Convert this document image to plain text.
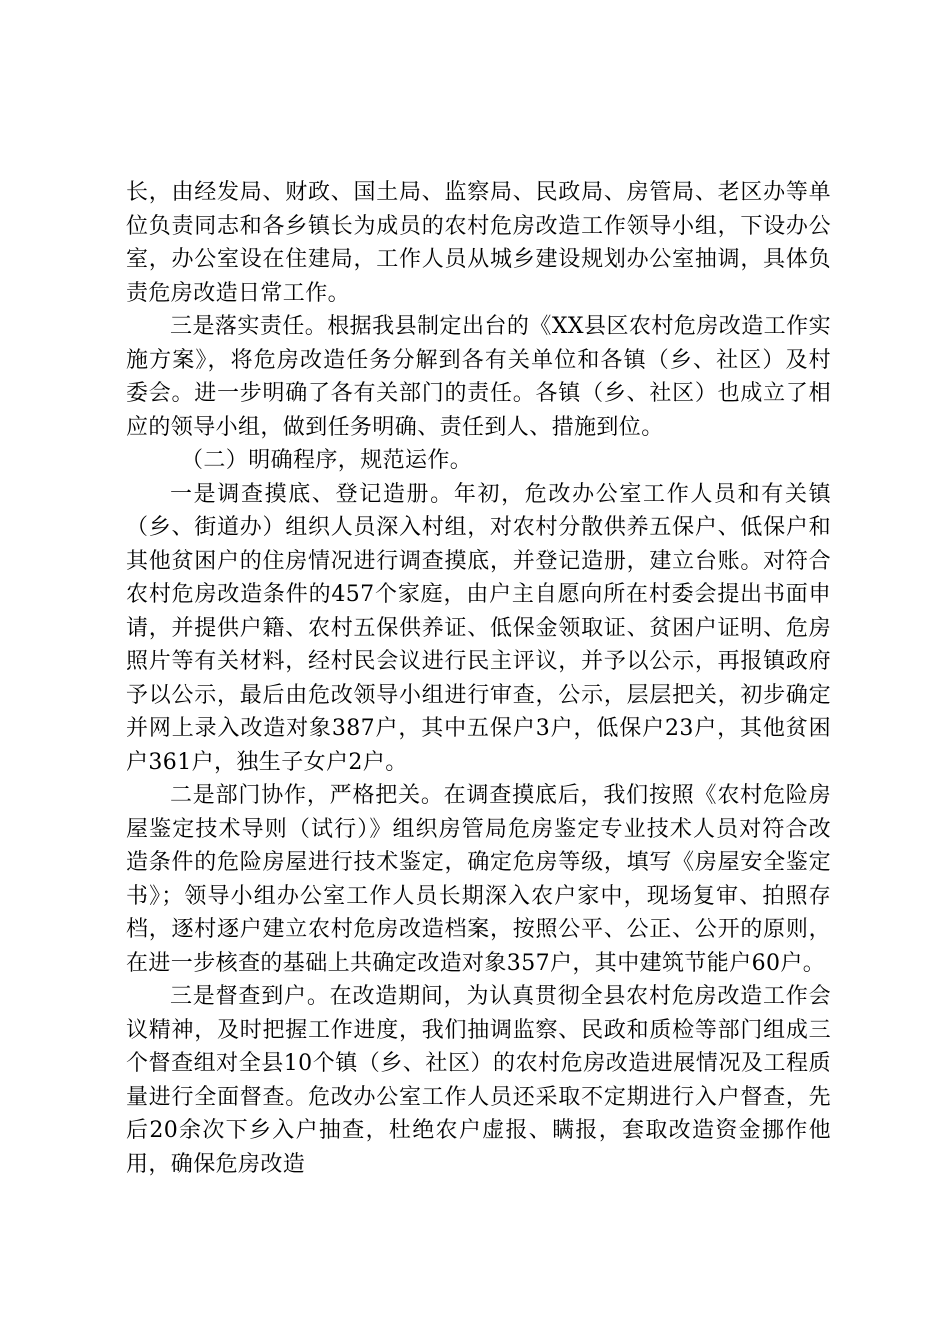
长，由经发局、财政、国土局、监察局、民政局、房管局、老区办等单位负责同志和各乡镇长为成员的农村危房改造工作领导小组，下设办公室，办公室设在住建局，工作人员从城乡建设规划办公室抽调，具体负责危房改造日常工作。

三是落实责任。根据我县制定出台的《XX县区农村危房改造工作实施方案》，将危房改造任务分解到各有关单位和各镇（乡、社区）及村委会。进一步明确了各有关部门的责任。各镇（乡、社区）也成立了相应的领导小组，做到任务明确、责任到人、措施到位。

（二）明确程序，规范运作。

一是调查摸底、登记造册。年初，危改办公室工作人员和有关镇（乡、街道办）组织人员深入村组，对农村分散供养五保户、低保户和其他贫困户的住房情况进行调查摸底，并登记造册，建立台账。对符合农村危房改造条件的457个家庭，由户主自愿向所在村委会提出书面申请，并提供户籍、农村五保供养证、低保金领取证、贫困户证明、危房照片等有关材料，经村民会议进行民主评议，并予以公示，再报镇政府予以公示，最后由危改领导小组进行审查，公示，层层把关，初步确定并网上录入改造对象387户，其中五保户3户，低保户23户，其他贫困户361户，独生子女户2户。

二是部门协作，严格把关。在调查摸底后，我们按照《农村危险房屋鉴定技术导则（试行）》组织房管局危房鉴定专业技术人员对符合改造条件的危险房屋进行技术鉴定，确定危房等级，填写《房屋安全鉴定书》；领导小组办公室工作人员长期深入农户家中，现场复审、拍照存档，逐村逐户建立农村危房改造档案，按照公平、公正、公开的原则，在进一步核查的基础上共确定改造对象357户，其中建筑节能户60户。

三是督查到户。在改造期间，为认真贯彻全县农村危房改造工作会议精神，及时把握工作进度，我们抽调监察、民政和质检等部门组成三个督查组对全县10个镇（乡、社区）的农村危房改造进展情况及工程质量进行全面督查。危改办公室工作人员还采取不定期进行入户督查，先后20余次下乡入户抽查，杜绝农户虚报、瞒报，套取改造资金挪作他用，确保危房改造
